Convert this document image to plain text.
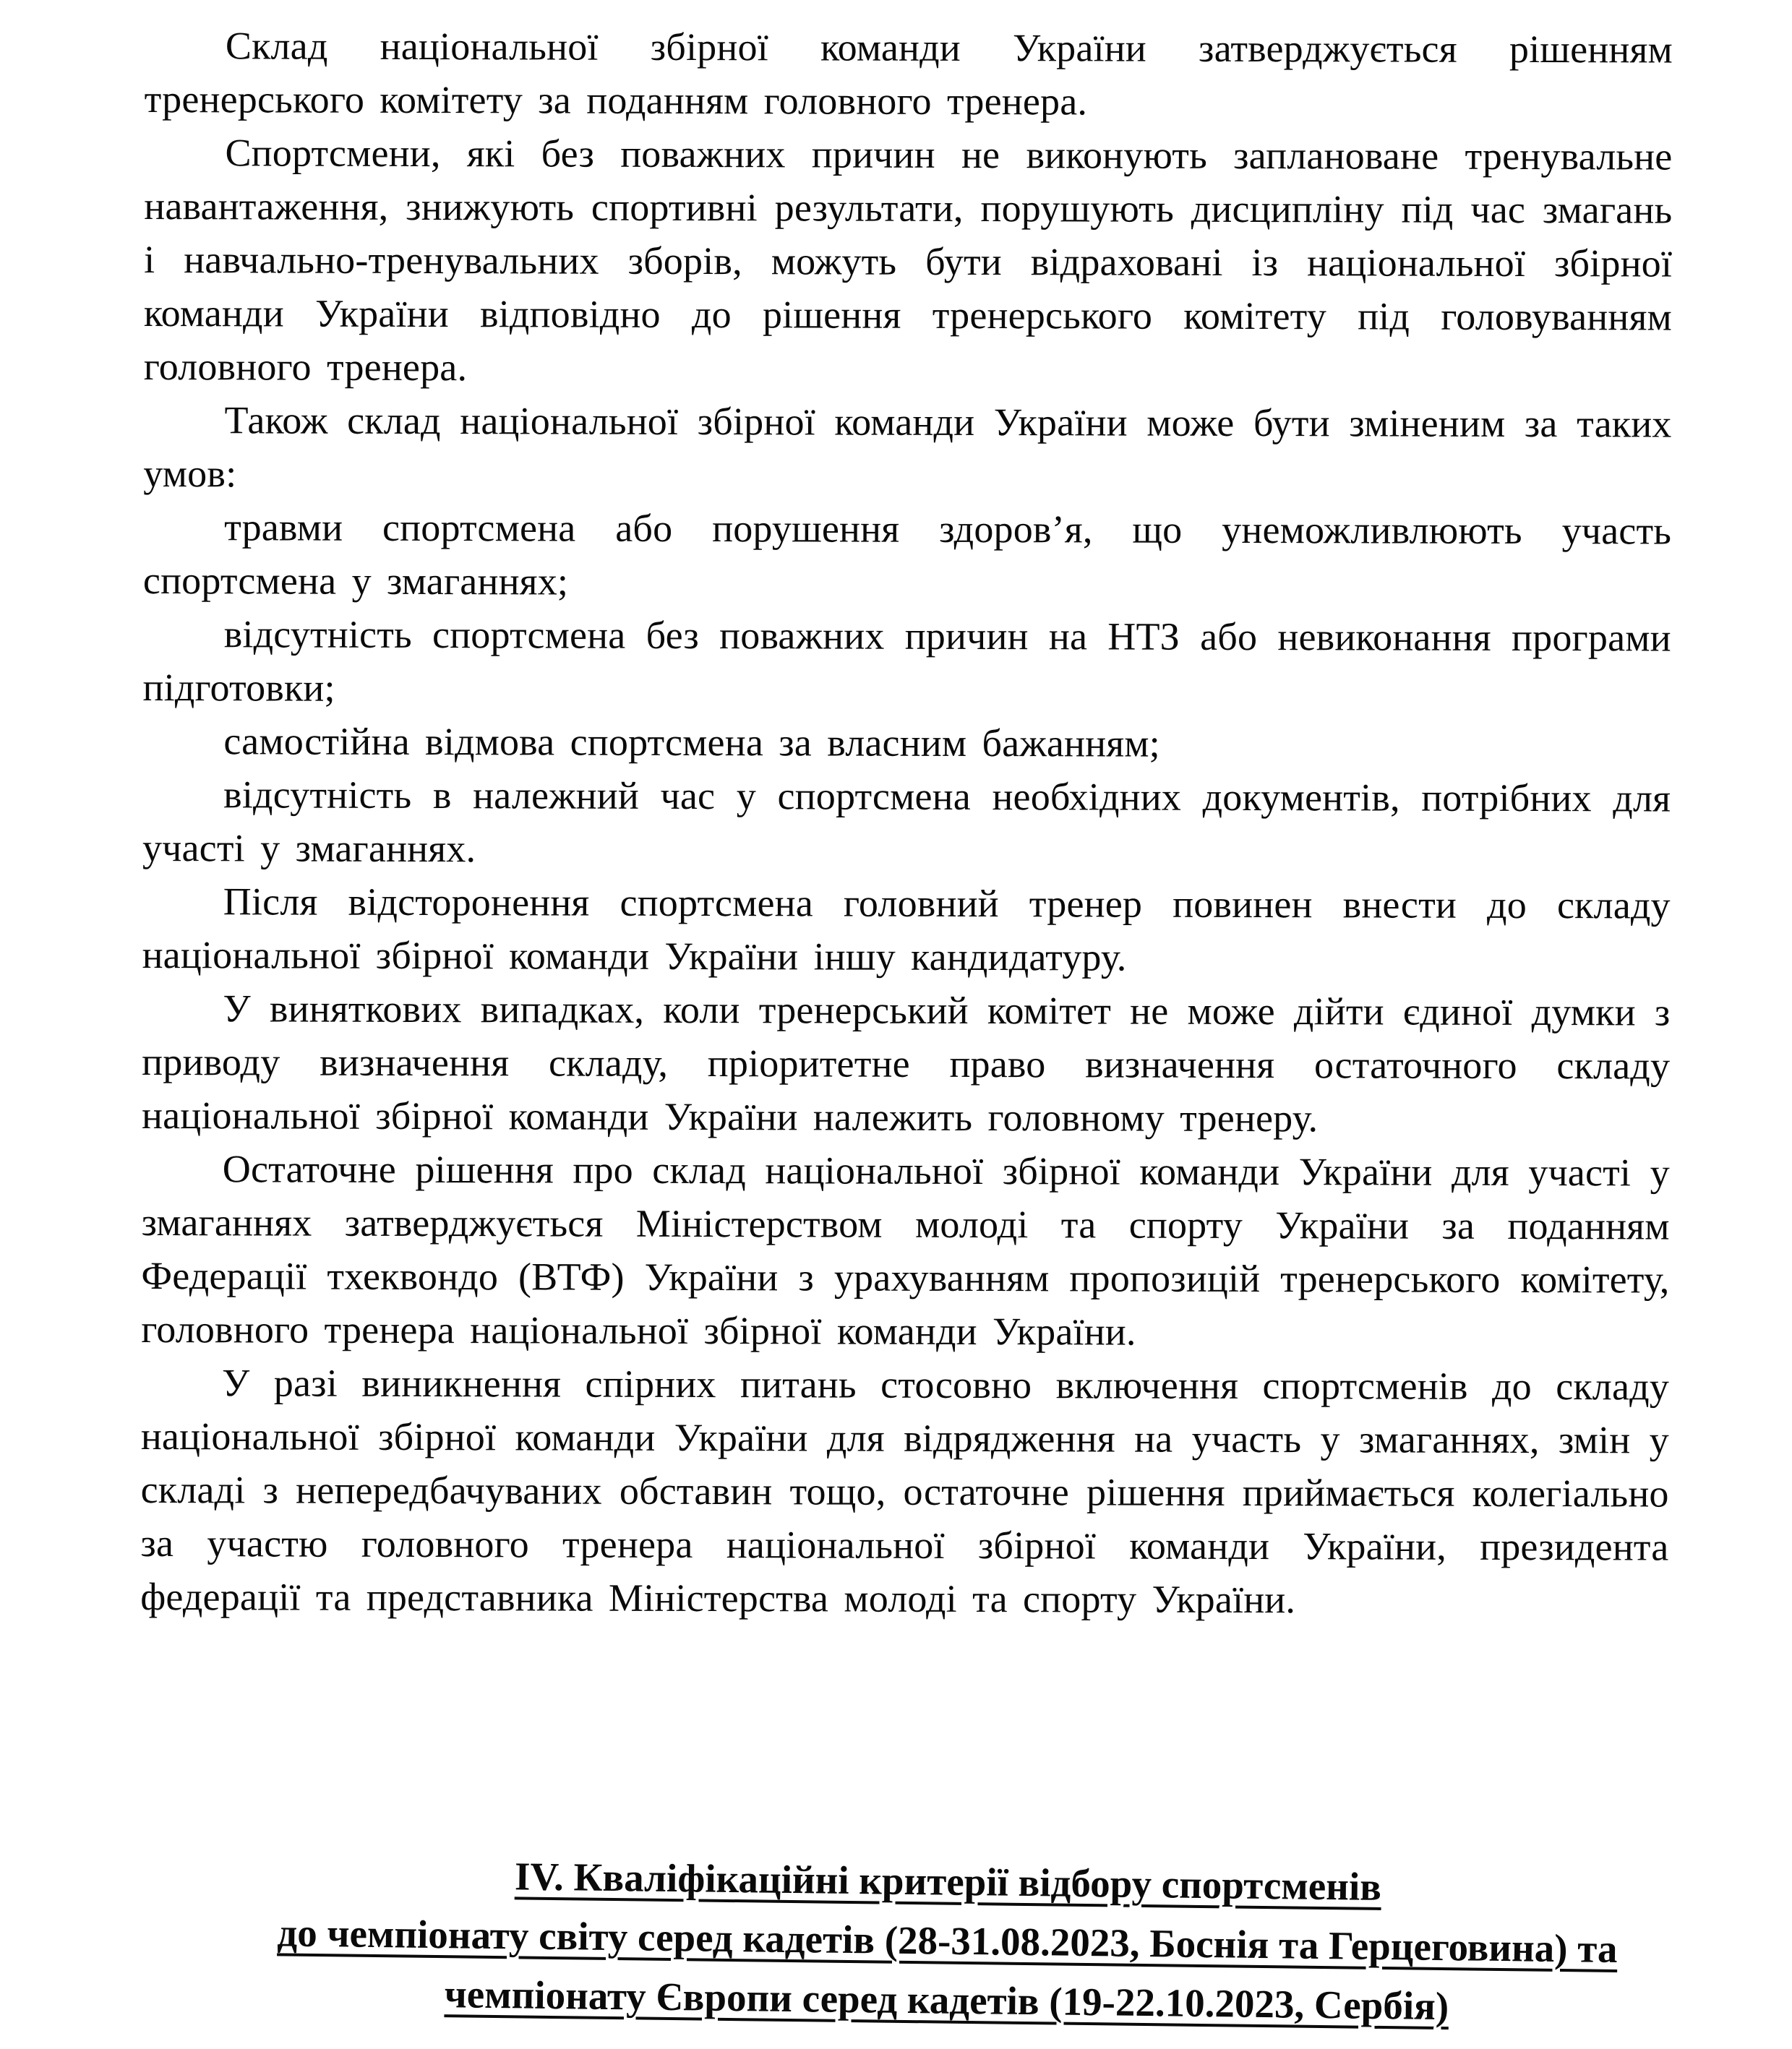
Склад національної збірної команди України затверджується рішенням тренерського комітету за поданням головного тренера.

Спортсмени, які без поважних причин не виконують заплановане тренувальне навантаження, знижують спортивні результати, порушують дисципліну під час змагань і навчально-тренувальних зборів, можуть бути відраховані із національної збірної команди України відповідно до рішення тренерського комітету під головуванням головного тренера.

Також склад національної збірної команди України може бути зміненим за таких умов:

травми спортсмена або порушення здоров’я, що унеможливлюють участь спортсмена у змаганнях;

відсутність спортсмена без поважних причин на НТЗ або невиконання програми підготовки;

самостійна відмова спортсмена за власним бажанням;

відсутність в належний час у спортсмена необхідних документів, потрібних для участі у змаганнях.

Після відсторонення спортсмена головний тренер повинен внести до складу національної збірної команди України іншу кандидатуру.

У виняткових випадках, коли тренерський комітет не може дійти єдиної думки з приводу визначення складу, пріоритетне право визначення остаточного складу національної збірної команди України належить головному тренеру.

Остаточне рішення про склад національної збірної команди України для участі у змаганнях затверджується Міністерством молоді та спорту України за поданням Федерації тхеквондо (ВТФ) України з урахуванням пропозицій тренерського комітету, головного тренера національної збірної команди України.

У разі виникнення спірних питань стосовно включення спортсменів до складу національної збірної команди України для відрядження на участь у змаганнях, змін у складі з непередбачуваних обставин тощо, остаточне рішення приймається колегіально за участю головного тренера національної збірної команди України, президента федерації та представника Міністерства молоді та спорту України.

IV. Кваліфікаційні критерії відбору спортсменів
до чемпіонату світу серед кадетів (28-31.08.2023, Боснія та Герцеговина) та
чемпіонату Європи серед кадетів (19-22.10.2023, Сербія)
